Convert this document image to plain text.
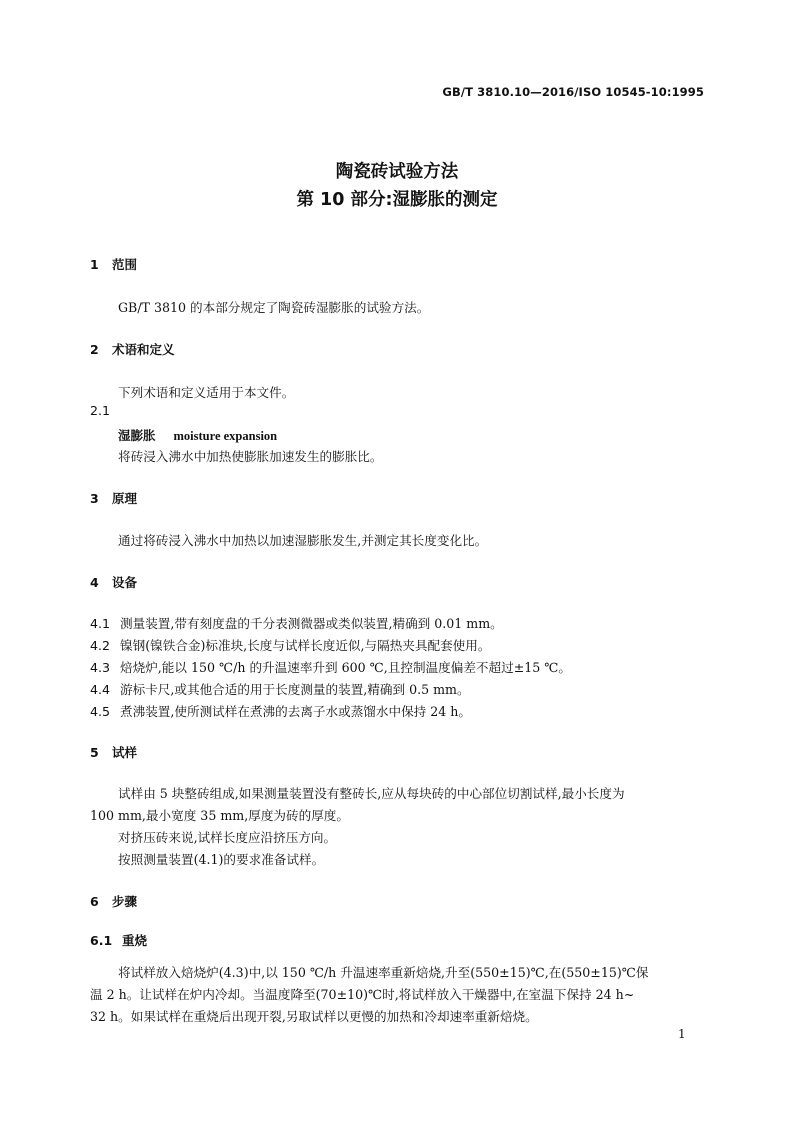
GB/T 3810.10—2016/ISO 10545-10:1995
陶瓷砖试验方法
第 10 部分:湿膨胀的测定
1 范围
GB/T 3810 的本部分规定了陶瓷砖湿膨胀的试验方法。
2 术语和定义
下列术语和定义适用于本文件。
2.1
湿膨胀 moisture expansion
将砖浸入沸水中加热使膨胀加速发生的膨胀比。
3 原理
通过将砖浸入沸水中加热以加速湿膨胀发生,并测定其长度变化比。
4 设备
4.1 测量装置,带有刻度盘的千分表测微器或类似装置,精确到 0.01 mm。
4.2 镍钢(镍铁合金)标准块,长度与试样长度近似,与隔热夹具配套使用。
4.3 焙烧炉,能以 150 ℃/h 的升温速率升到 600 ℃,且控制温度偏差不超过±15 ℃。
4.4 游标卡尺,或其他合适的用于长度测量的装置,精确到 0.5 mm。
4.5 煮沸装置,使所测试样在煮沸的去离子水或蒸馏水中保持 24 h。
5 试样
试样由 5 块整砖组成,如果测量装置没有整砖长,应从每块砖的中心部位切割试样,最小长度为
100 mm,最小宽度 35 mm,厚度为砖的厚度。
对挤压砖来说,试样长度应沿挤压方向。
按照测量装置(4.1)的要求准备试样。
6 步骤
6.1 重烧
将试样放入焙烧炉(4.3)中,以 150 ℃/h 升温速率重新焙烧,升至(550±15)℃,在(550±15)℃保
温 2 h。让试样在炉内冷却。当温度降至(70±10)℃时,将试样放入干燥器中,在室温下保持 24 h~
32 h。如果试样在重烧后出现开裂,另取试样以更慢的加热和冷却速率重新焙烧。
1
